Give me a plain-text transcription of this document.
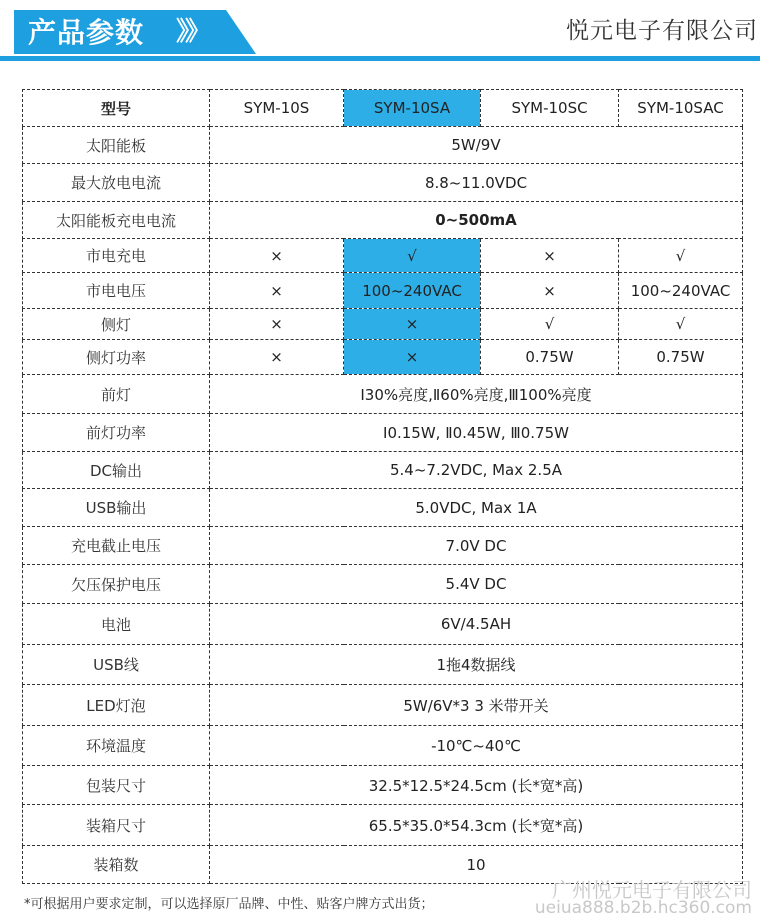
产品参数 》》	悦元电子有限公司
型号	SYM-10S	SYM-10SA	SYM-10SC	SYM-10SAC
太阳能板	5W/9V			
最大放电电流	8.8~11.0VDC			
太阳能板充电电流	0~500mA			
市电充电	×	√	×	√
市电电压	×	100~240VAC	×	100~240VAC
侧灯	×	×	√	√
侧灯功率	×	×	0.75W	0.75W
前灯	Ⅰ30%亮度,Ⅱ60%亮度,Ⅲ100%亮度			
前灯功率	Ⅰ0.15W, Ⅱ0.45W, Ⅲ0.75W			
DC输出	5.4~7.2VDC, Max 2.5A			
USB输出	5.0VDC, Max 1A			
充电截止电压	7.0V DC			
欠压保护电压	5.4V DC			
电池	6V/4.5AH			
USB线	1拖4数据线			
LED灯泡	5W/6V*3 3 米带开关			
环境温度	-10℃~40℃			
包装尺寸	32.5*12.5*24.5cm (长*宽*高)			
装箱尺寸	65.5*35.0*54.3cm (长*宽*高)			
装箱数	10			
*可根据用户要求定制，可以选择原厂品牌、中性、贴客户牌方式出货；
广州悦元电子有限公司
ueiua888.b2b.hc360.com
